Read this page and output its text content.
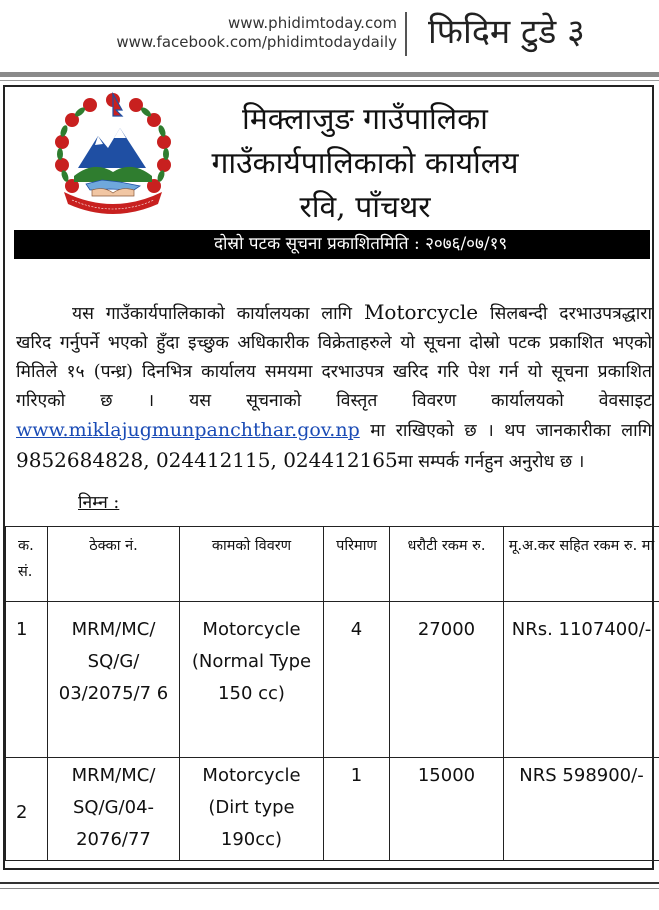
www.phidimtoday.com
www.facebook.com/phidimtodaydaily फिदिम टुडे ३
मिक्लाजुङ गाउँपालिका
गाउँकार्यपालिकाको कार्यालय
रवि, पाँचथर
दोस्रो पटक सूचना प्रकाशितमिति : २०७६/०७/१९

यस गाउँकार्यपालिकाको कार्यालयका लागि Motorcycle सिलबन्दी दरभाउपत्रद्धारा खरिद गर्नुपर्ने भएको हुँदा इच्छुक अधिकारीक विक्रेताहरुले यो सूचना दोस्रो पटक प्रकाशित भएको मितिले १५ (पन्ध्र) दिनभित्र कार्यालय समयमा दरभाउपत्र खरिद गरि पेश गर्न यो सूचना प्रकाशित गरिएको छ । यस सूचनाको विस्तृत विवरण कार्यालयको वेवसाइट www.miklajugmunpanchthar.gov.np मा राखिएको छ । थप जानकारीका लागि 9852684828, 024412115, 024412165मा सम्पर्क गर्नहुन अनुरोध छ ।

निम्न :
क. सं.	ठेक्का नं.	कामको विवरण	परिमाण	धरौटी रकम रु.	मू.अ.कर सहित रकम रु. मा
1	MRM/MC/ SQ/G/ 03/2075/7 6	Motorcycle (Normal Type 150 cc)	4	27000	NRs. 1107400/-
2	MRM/MC/ SQ/G/04-2076/77	Motorcycle (Dirt type 190cc)	1	15000	NRS 598900/-
